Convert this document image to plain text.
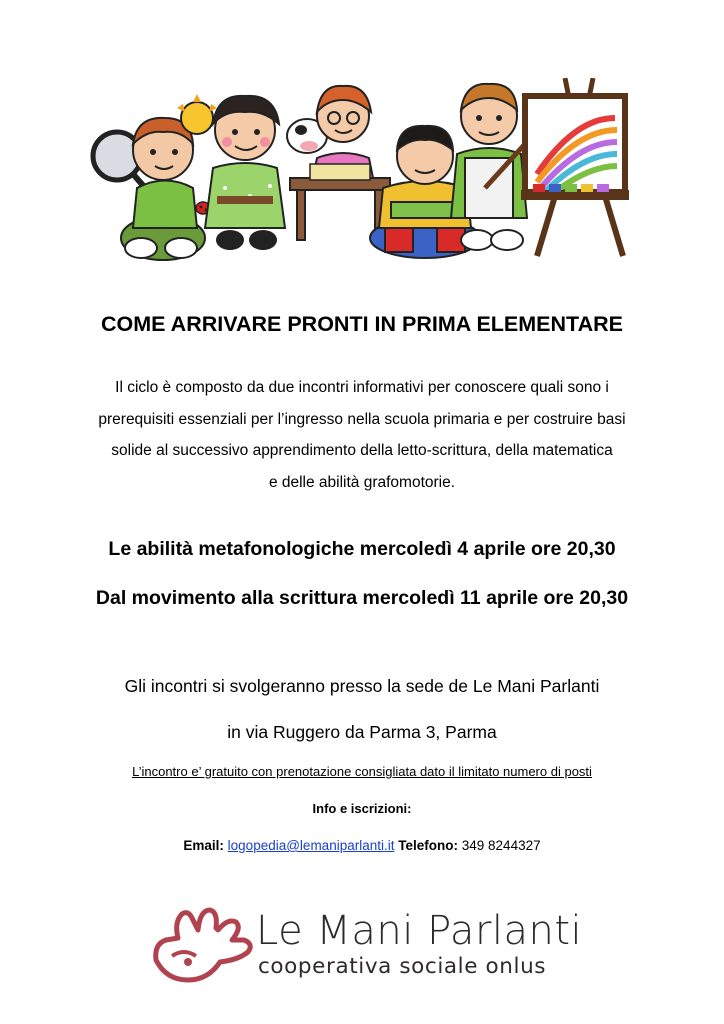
COME ARRIVARE PRONTI IN PRIMA ELEMENTARE
Il ciclo è composto da due incontri informativi per conoscere quali sono i
prerequisiti essenziali per l’ingresso nella scuola primaria e per costruire basi
solide al successivo apprendimento della letto-scrittura, della matematica
e delle abilità grafomotorie.
Le abilità metafonologiche mercoledì 4 aprile ore 20,30
Dal movimento alla scrittura mercoledì 11 aprile ore 20,30
Gli incontri si svolgeranno presso la sede de Le Mani Parlanti
in via Ruggero da Parma 3, Parma
L’incontro e’ gratuito con prenotazione consigliata dato il limitato numero di posti
Info e iscrizioni:
Email: logopedia@lemaniparlanti.it Telefono: 349 8244327
Le Mani Parlanti
cooperativa sociale onlus
